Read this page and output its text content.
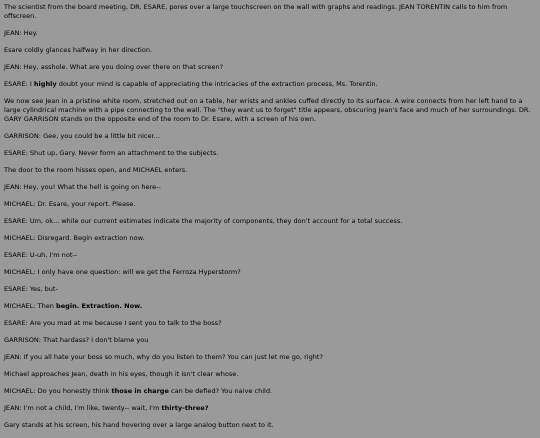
The scientist from the board meeting, DR. ESARE, pores over a large touchscreen on the wall with graphs and readings. JEAN TORENTIN calls to him from offscreen.

JEAN: Hey.

Esare coldly glances halfway in her direction.

JEAN: Hey, asshole. What are you doing over there on that screen?

ESARE: I highly doubt your mind is capable of appreciating the intricacies of the extraction process, Ms. Torentin.

We now see Jean in a pristine white room, stretched out on a table, her wrists and ankles cuffed directly to its surface. A wire connects from her left hand to a large cylindrical machine with a pipe connecting to the wall. The "they want us to forget" title appears, obscuring Jean's face and much of her surroundings. DR. GARY GARRISON stands on the opposite end of the room to Dr. Esare, with a screen of his own.

GARRISON: Gee, you could be a little bit nicer...

ESARE: Shut up, Gary. Never form an attachment to the subjects.

The door to the room hisses open, and MICHAEL enters.

JEAN: Hey, you! What the hell is going on here--

MICHAEL: Dr. Esare, your report. Please.

ESARE: Um, ok... while our current estimates indicate the majority of components, they don't account for a total success.

MICHAEL: Disregard. Begin extraction now.

ESARE: U-uh, I'm not--

MICHAEL: I only have one question: will we get the Ferroza Hyperstorm?

ESARE: Yes, but-

MICHAEL: Then begin. Extraction. Now.

ESARE: Are you mad at me because I sent you to talk to the boss?

GARRISON: That hardass? I don't blame you

JEAN: If you all hate your boss so much, why do you listen to them? You can just let me go, right?

Michael approaches Jean, death in his eyes, though it isn't clear whose.

MICHAEL: Do you honestly think those in charge can be defied? You naive child.

JEAN: I'm not a child, I'm like, twenty-- wait, I'm thirty-three?

Gary stands at his screen, his hand hovering over a large analog button next to it.
